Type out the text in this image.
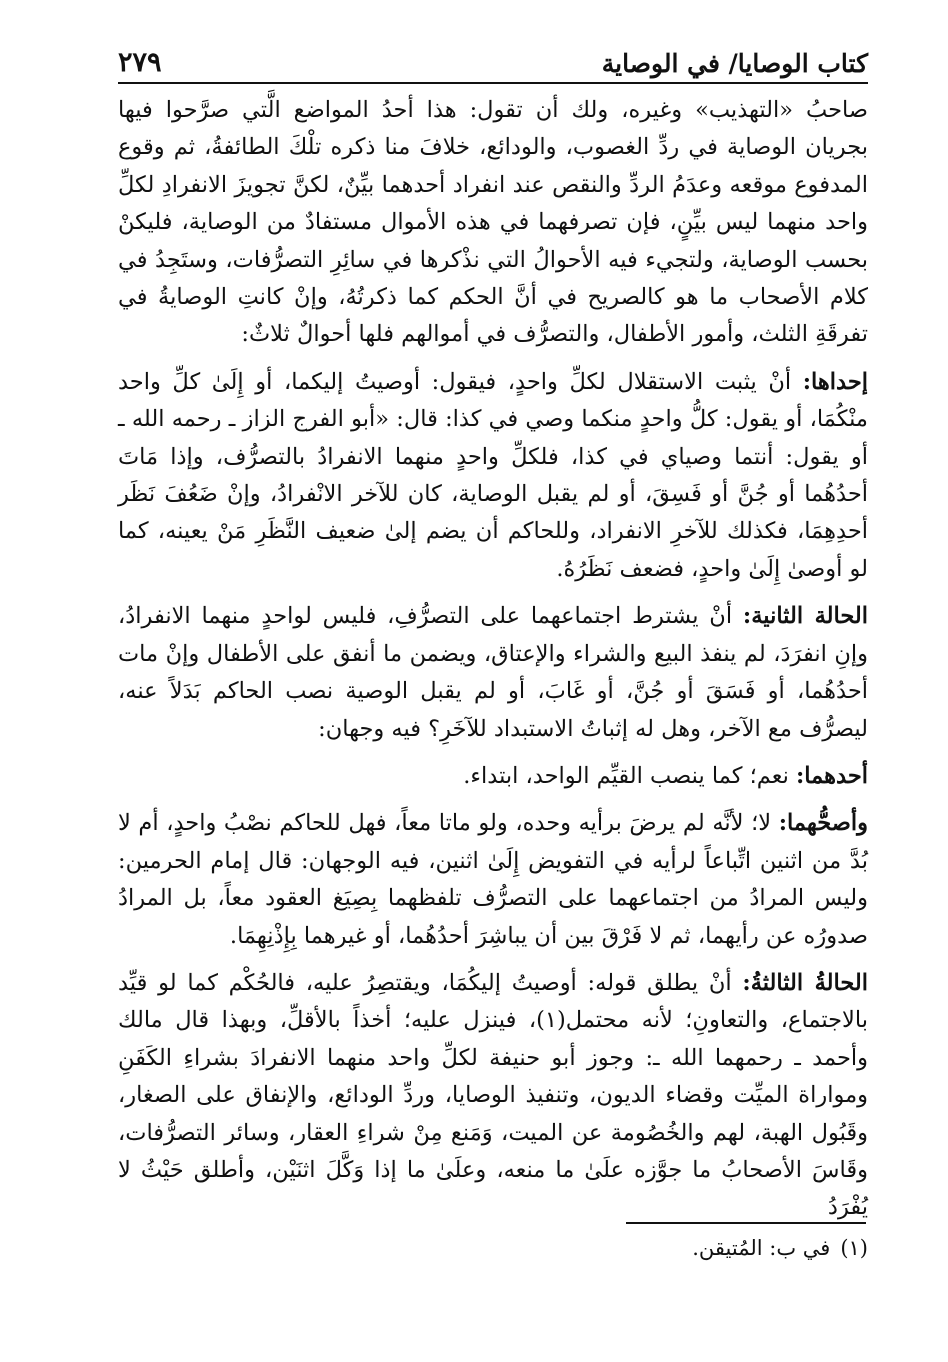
كتاب الوصايا/ في الوصاية
٢٧٩

صاحبُ «التهذيب» وغيره، ولك أن تقول: هذا أحدُ المواضع الَّتي صرَّحوا فيها بجريان الوصاية في ردِّ الغصوب، والودائع، خلافَ منا ذكره تلْكَ الطائفةُ، ثم وقوع المدفوع موقعه وعدَمُ الردِّ والنقص عند انفراد أحدهما بيِّنٌ، لكنَّ تجويزَ الانفرادِ لكلِّ واحد منهما ليس بيِّنٍ، فإن تصرفهما في هذه الأموال مستفادٌ من الوصاية، فليكنْ بحسب الوصاية، ولتجيء فيه الأحوالُ التي نذْكرها في سائِرِ التصرُّفات، وستَجِدُ في كلام الأصحاب ما هو كالصريح في أنَّ الحكم كما ذكرتُهُ، وإنْ كانتِ الوصايةُ في تفرقَةِ الثلث، وأمور الأطفال، والتصرُّف في أموالهم فلها أحوالٌ ثلاثٌ:

إحداها: أنْ يثبت الاستقلال لكلِّ واحدٍ، فيقول: أوصيتُ إليكما، أو إِلَىٰ كلِّ واحد منْكُمَا، أو يقول: كلُّ واحدٍ منكما وصي في كذا: قال: «أبو الفرج الزاز ـ رحمه الله ـ أو يقول: أنتما وصياي في كذا، فلكلِّ واحدٍ منهما الانفرادُ بالتصرُّف، وإذا مَاتَ أحدُهُما أو جُنَّ أو فَسِقَ، أو لم يقبل الوصاية، كان للآخر الانْفرادُ، وإنْ ضَعُفَ نَظَر أحدِهِمَا، فكذلك للآخرِ الانفراد، وللحاكم أن يضم إلىٰ ضعيف النَّظَرِ مَنْ يعينه، كما لو أوصىٰ إِلَىٰ واحدٍ، فضعف نَظَرُهُ.

الحالة الثانية: أنْ يشترط اجتماعهما على التصرُّفِ، فليس لواحدٍ منهما الانفرادُ، وإنِ انفرَدَ، لم ينفذ البيع والشراء والإعتاق، ويضمن ما أنفق على الأطفال وإنْ مات أحدُهُما، أو فَسَقَ أو جُنَّ، أو غَابَ، أو لم يقبل الوصية نصب الحاكم بَدَلاً عنه، ليصرُّف مع الآخر، وهل له إثباتُ الاستبداد للآخَرِ؟ فيه وجهان:

أحدهما: نعم؛ كما ينصب القيِّم الواحد، ابتداء.

وأصحُّهما: لا؛ لأنَّه لم يرضَ برأيه وحده، ولو ماتا معاً، فهل للحاكم نصْبُ واحدٍ، أم لا بُدَّ من اثنين اتِّباعاً لرأيه في التفويض إِلَىٰ اثنين، فيه الوجهان: قال إمام الحرمين: وليس المرادُ من اجتماعهما على التصرُّف تلفظهما بِصِيَغ العقود معاً، بل المرادُ صدورُه عن رأيهما، ثم لا فَرْقَ بين أن يباشِرَ أحدُهُما، أو غيرهما بِإِذْنِهِمَا.

الحالةُ الثالثةُ: أنْ يطلق قوله: أوصيتُ إليكُمَا، ويقتصِرُ عليه، فالحُكْم كما لو قيِّد بالاجتماع، والتعاونِ؛ لأنه محتمل(١)، فينزل عليه؛ أخذاً بالأقلِّ، وبهذا قال مالك وأحمد ـ رحمهما الله ـ: وجوز أبو حنيفة لكلِّ واحد منهما الانفرادَ بشراءِ الكَفَنِ ومواراة الميِّت وقضاء الديون، وتنفيذ الوصايا، وردِّ الودائع، والإنفاق على الصغار، وقَبُول الهبة، لهم والخُصُومة عن الميت، وَمَنع مِنْ شراءِ العقار، وسائر التصرُّفات، وقَاسَ الأصحابُ ما جوَّزه علَىٰ ما منعه، وعلَىٰ ما إذا وَكَّلَ اثنَيْن، وأطلق حَيْثُ لا يُفْرَدُ

(١)في ب: المُتيقن.
